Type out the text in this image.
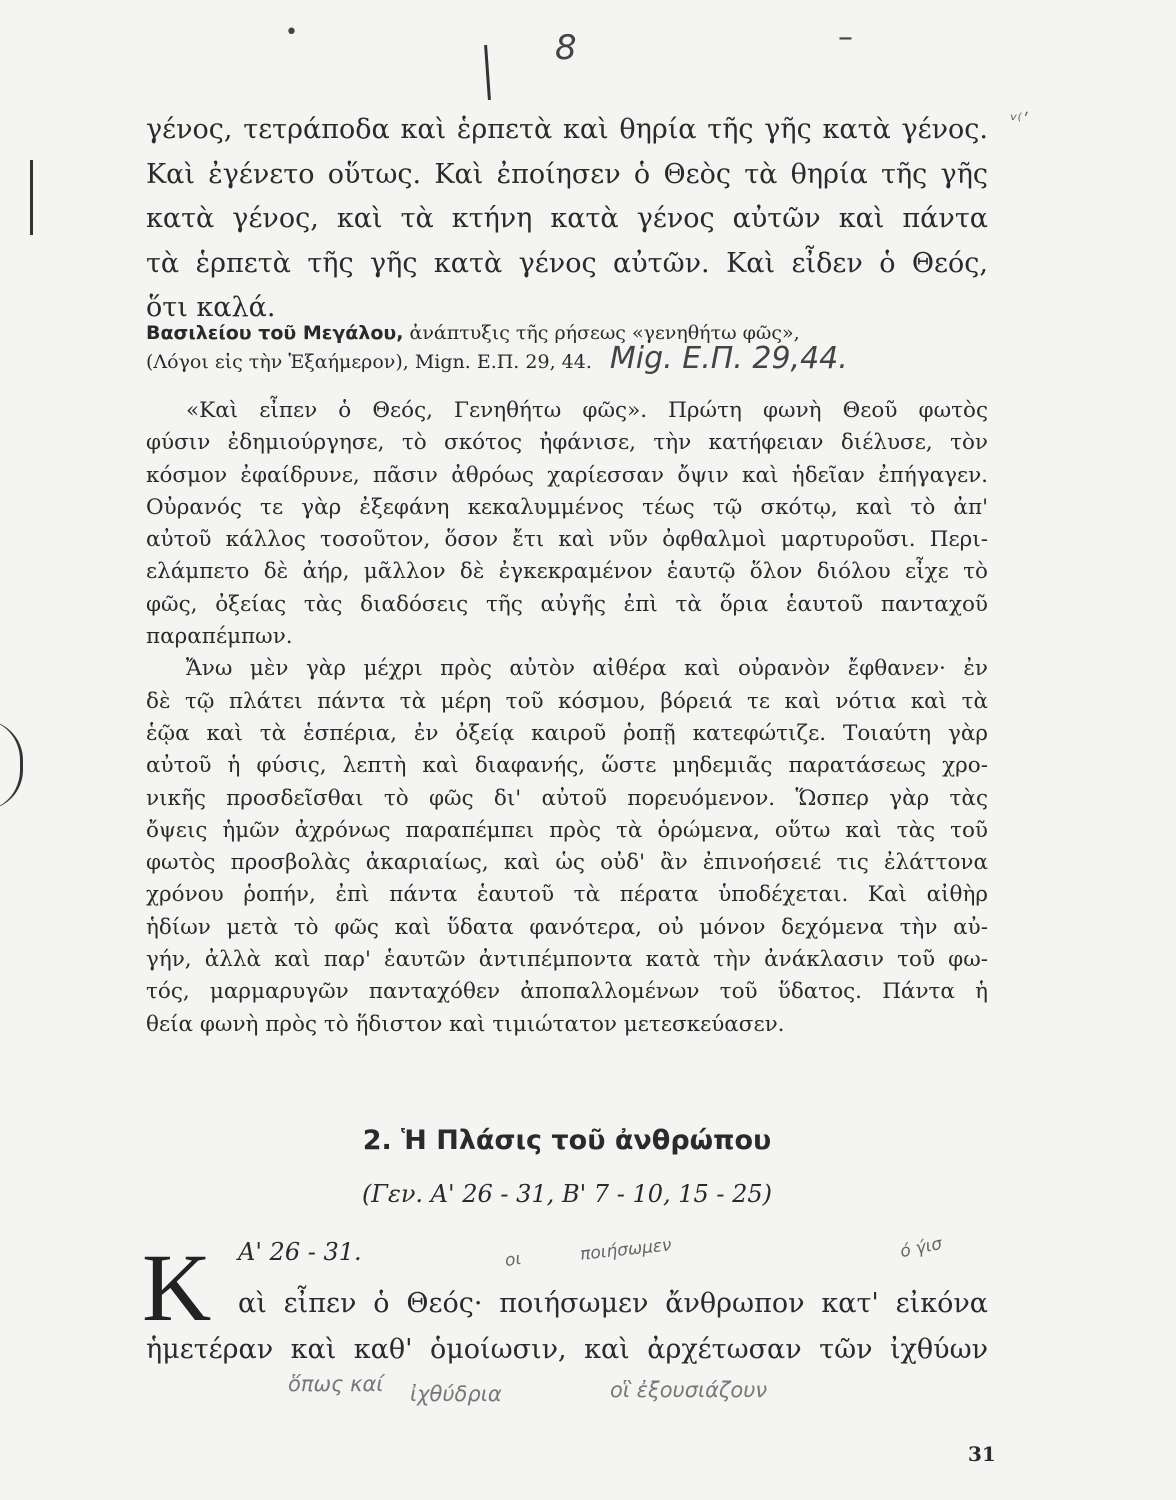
•	8	–
ᵛ⁽ʹ

γένος, τετράποδα καὶ ἑρπετὰ καὶ θηρία τῆς γῆς κατὰ γένος.

Καὶ ἐγένετο οὕτως. Καὶ ἐποίησεν ὁ Θεὸς τὰ θηρία τῆς γῆς

κατὰ γένος, καὶ τὰ κτήνη κατὰ γένος αὐτῶν καὶ πάντα

τὰ ἑρπετὰ τῆς γῆς κατὰ γένος αὐτῶν. Καὶ εἶδεν ὁ Θεός,

ὅτι καλά.

Βασιλείου τοῦ Μεγάλου, ἀνάπτυξις τῆς ρήσεως «γενηθήτω φῶς»,
(Λόγοι εἰς τὴν Ἑξαήμερον), Mign. Ε.Π. 29, 44. Mig. Ε.Π. 29,44.

«Καὶ εἶπεν ὁ Θεός, Γενηθήτω φῶς». Πρώτη φωνὴ Θεοῦ φωτὸς

φύσιν ἐδημιούργησε, τὸ σκότος ἠφάνισε, τὴν κατήφειαν διέλυσε, τὸν

κόσμον ἐφαίδρυνε, πᾶσιν ἀθρόως χαρίεσσαν ὄψιν καὶ ἡδεῖαν ἐπήγαγεν.

Οὐρανός τε γὰρ ἐξεφάνη κεκαλυμμένος τέως τῷ σκότῳ, καὶ τὸ ἀπ'

αὐτοῦ κάλλος τοσοῦτον, ὅσον ἔτι καὶ νῦν ὀφθαλμοὶ μαρτυροῦσι. Περι-

ελάμπετο δὲ ἀήρ, μᾶλλον δὲ ἐγκεκραμένον ἑαυτῷ ὅλον διόλου εἶχε τὸ

φῶς, ὀξείας τὰς διαδόσεις τῆς αὐγῆς ἐπὶ τὰ ὅρια ἑαυτοῦ πανταχοῦ

παραπέμπων.

Ἄνω μὲν γὰρ μέχρι πρὸς αὐτὸν αἰθέρα καὶ οὐρανὸν ἔφθανεν· ἐν

δὲ τῷ πλάτει πάντα τὰ μέρη τοῦ κόσμου, βόρειά τε καὶ νότια καὶ τὰ

ἑῷα καὶ τὰ ἑσπέρια, ἐν ὀξείᾳ καιροῦ ῥοπῇ κατεφώτιζε. Τοιαύτη γὰρ

αὐτοῦ ἡ φύσις, λεπτὴ καὶ διαφανής, ὥστε μηδεμιᾶς παρατάσεως χρο-

νικῆς προσδεῖσθαι τὸ φῶς δι' αὐτοῦ πορευόμενον. Ὥσπερ γὰρ τὰς

ὄψεις ἡμῶν ἀχρόνως παραπέμπει πρὸς τὰ ὁρώμενα, οὕτω καὶ τὰς τοῦ

φωτὸς προσβολὰς ἀκαριαίως, καὶ ὡς οὐδ' ἂν ἐπινοήσειέ τις ἐλάττονα

χρόνου ῥοπήν, ἐπὶ πάντα ἑαυτοῦ τὰ πέρατα ὑποδέχεται. Καὶ αἰθὴρ

ἡδίων μετὰ τὸ φῶς καὶ ὕδατα φανότερα, οὐ μόνον δεχόμενα τὴν αὐ-

γήν, ἀλλὰ καὶ παρ' ἑαυτῶν ἀντιπέμποντα κατὰ τὴν ἀνάκλασιν τοῦ φω-

τός, μαρμαρυγῶν πανταχόθεν ἀποπαλλομένων τοῦ ὕδατος. Πάντα ἡ

θεία φωνὴ πρὸς τὸ ἥδιστον καὶ τιμιώτατον μετεσκεύασεν.

2. Ἡ Πλάσις τοῦ ἀνθρώπου
(Γεν. Α' 26 - 31, Β' 7 - 10, 15 - 25)
Κ Α' 26 - 31.	οι	ποιήσωμεν	ό γ́ισ

αὶ εἶπεν ὁ Θεός· ποιήσωμεν ἄνθρωπον κατ' εἰκόνα

ἡμετέραν καὶ καθ' ὁμοίωσιν, καὶ ἀρχέτωσαν τῶν ἰχθύων

ὅπως καί ἰχθύδρια	οἳ ἐξουσιάζουν
31
